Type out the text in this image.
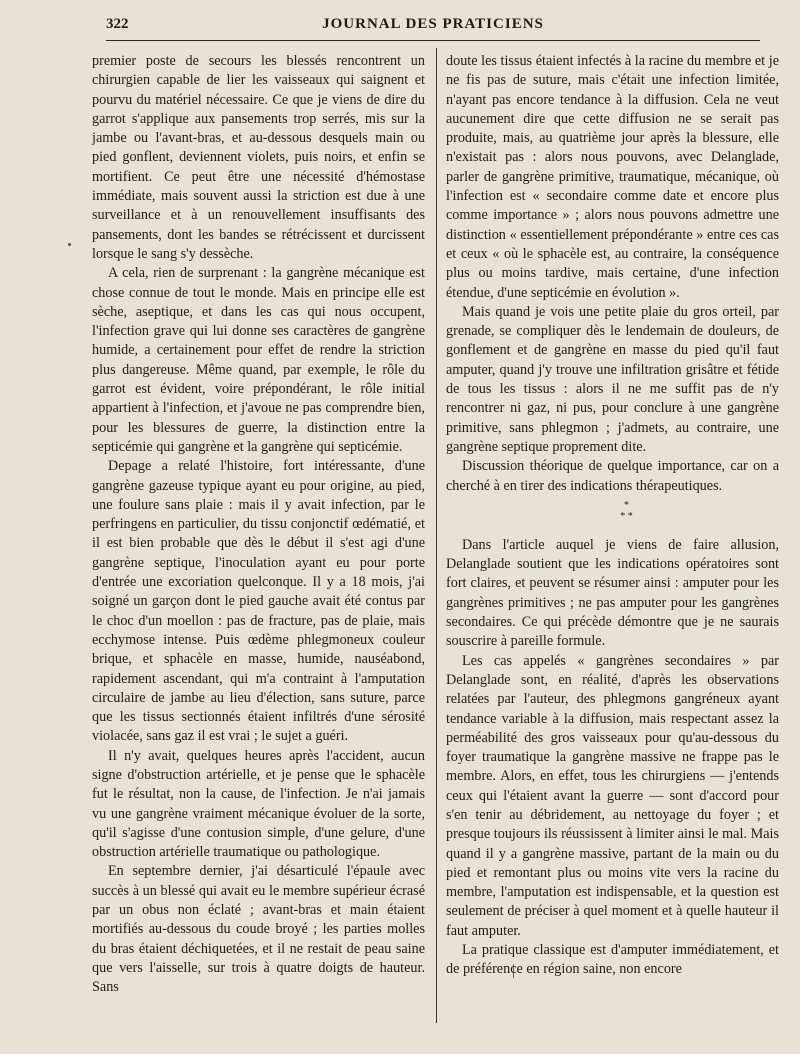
322	JOURNAL DES PRATICIENS

premier poste de secours les blessés rencontrent un chirurgien capable de lier les vaisseaux qui saignent et pourvu du matériel nécessaire. Ce que je viens de dire du garrot s'applique aux pansements trop serrés, mis sur la jambe ou l'avant-bras, et au-dessous desquels main ou pied gonflent, deviennent violets, puis noirs, et enfin se mortifient. Ce peut être une nécessité d'hémostase immédiate, mais souvent aussi la striction est due à une surveillance et à un renouvellement insuffisants des pansements, dont les bandes se rétrécissent et durcissent lorsque le sang s'y dessèche.

A cela, rien de surprenant : la gangrène mécanique est chose connue de tout le monde. Mais en principe elle est sèche, aseptique, et dans les cas qui nous occupent, l'infection grave qui lui donne ses caractères de gangrène humide, a certainement pour effet de rendre la striction plus dangereuse. Même quand, par exemple, le rôle du garrot est évident, voire prépondérant, le rôle initial appartient à l'infection, et j'avoue ne pas comprendre bien, pour les blessures de guerre, la distinction entre la septicémie qui gangrène et la gangrène qui septicémie.

Depage a relaté l'histoire, fort intéressante, d'une gangrène gazeuse typique ayant eu pour origine, au pied, une foulure sans plaie : mais il y avait infection, par le perfringens en particulier, du tissu conjonctif œdématié, et il est bien probable que dès le début il s'est agi d'une gangrène septique, l'inoculation ayant eu pour porte d'entrée une excoriation quelconque. Il y a 18 mois, j'ai soigné un garçon dont le pied gauche avait été contus par le choc d'un moellon : pas de fracture, pas de plaie, mais ecchymose intense. Puis œdème phlegmoneux couleur brique, et sphacèle en masse, humide, nauséabond, rapidement ascendant, qui m'a contraint à l'amputation circulaire de jambe au lieu d'élection, sans suture, parce que les tissus sectionnés étaient infiltrés d'une sérosité violacée, sans gaz il est vrai ; le sujet a guéri.

Il n'y avait, quelques heures après l'accident, aucun signe d'obstruction artérielle, et je pense que le sphacèle fut le résultat, non la cause, de l'infection. Je n'ai jamais vu une gangrène vraiment mécanique évoluer de la sorte, qu'il s'agisse d'une contusion simple, d'une gelure, d'une obstruction artérielle traumatique ou pathologique.

En septembre dernier, j'ai désarticulé l'épaule avec succès à un blessé qui avait eu le membre supérieur écrasé par un obus non éclaté ; avant-bras et main étaient mortifiés au-dessous du coude broyé ; les parties molles du bras étaient déchiquetées, et il ne restait de peau saine que vers l'aisselle, sur trois à quatre doigts de hauteur. Sans

doute les tissus étaient infectés à la racine du membre et je ne fis pas de suture, mais c'était une infection limitée, n'ayant pas encore tendance à la diffusion. Cela ne veut aucunement dire que cette diffusion ne se serait pas produite, mais, au quatrième jour après la blessure, elle n'existait pas : alors nous pouvons, avec Delanglade, parler de gangrène primitive, traumatique, mécanique, où l'infection est « secondaire comme date et encore plus comme importance » ; alors nous pouvons admettre une distinction « essentiellement prépondérante » entre ces cas et ceux « où le sphacèle est, au contraire, la conséquence plus ou moins tardive, mais certaine, d'une infection étendue, d'une septicémie en évolution ».

Mais quand je vois une petite plaie du gros orteil, par grenade, se compliquer dès le lendemain de douleurs, de gonflement et de gangrène en masse du pied qu'il faut amputer, quand j'y trouve une infiltration grisâtre et fétide de tous les tissus : alors il ne me suffit pas de n'y rencontrer ni gaz, ni pus, pour conclure à une gangrène primitive, sans phlegmon ; j'admets, au contraire, une gangrène septique proprement dite.

Discussion théorique de quelque importance, car on a cherché à en tirer des indications thérapeutiques.

*
* *

Dans l'article auquel je viens de faire allusion, Delanglade soutient que les indications opératoires sont fort claires, et peuvent se résumer ainsi : amputer pour les gangrènes primitives ; ne pas amputer pour les gangrènes secondaires. Ce qui précède démontre que je ne saurais souscrire à pareille formule.

Les cas appelés « gangrènes secondaires » par Delanglade sont, en réalité, d'après les observations relatées par l'auteur, des phlegmons gangréneux ayant tendance variable à la diffusion, mais respectant assez la perméabilité des gros vaisseaux pour qu'au-dessous du foyer traumatique la gangrène massive ne frappe pas le membre. Alors, en effet, tous les chirurgiens — j'entends ceux qui l'étaient avant la guerre — sont d'accord pour s'en tenir au débridement, au nettoyage du foyer ; et presque toujours ils réussissent à limiter ainsi le mal. Mais quand il y a gangrène massive, partant de la main ou du pied et remontant plus ou moins vite vers la racine du membre, l'amputation est indispensable, et la question est seulement de préciser à quel moment et à quelle hauteur il faut amputer.

La pratique classique est d'amputer immédiatement, et de préférence en région saine, non encore
